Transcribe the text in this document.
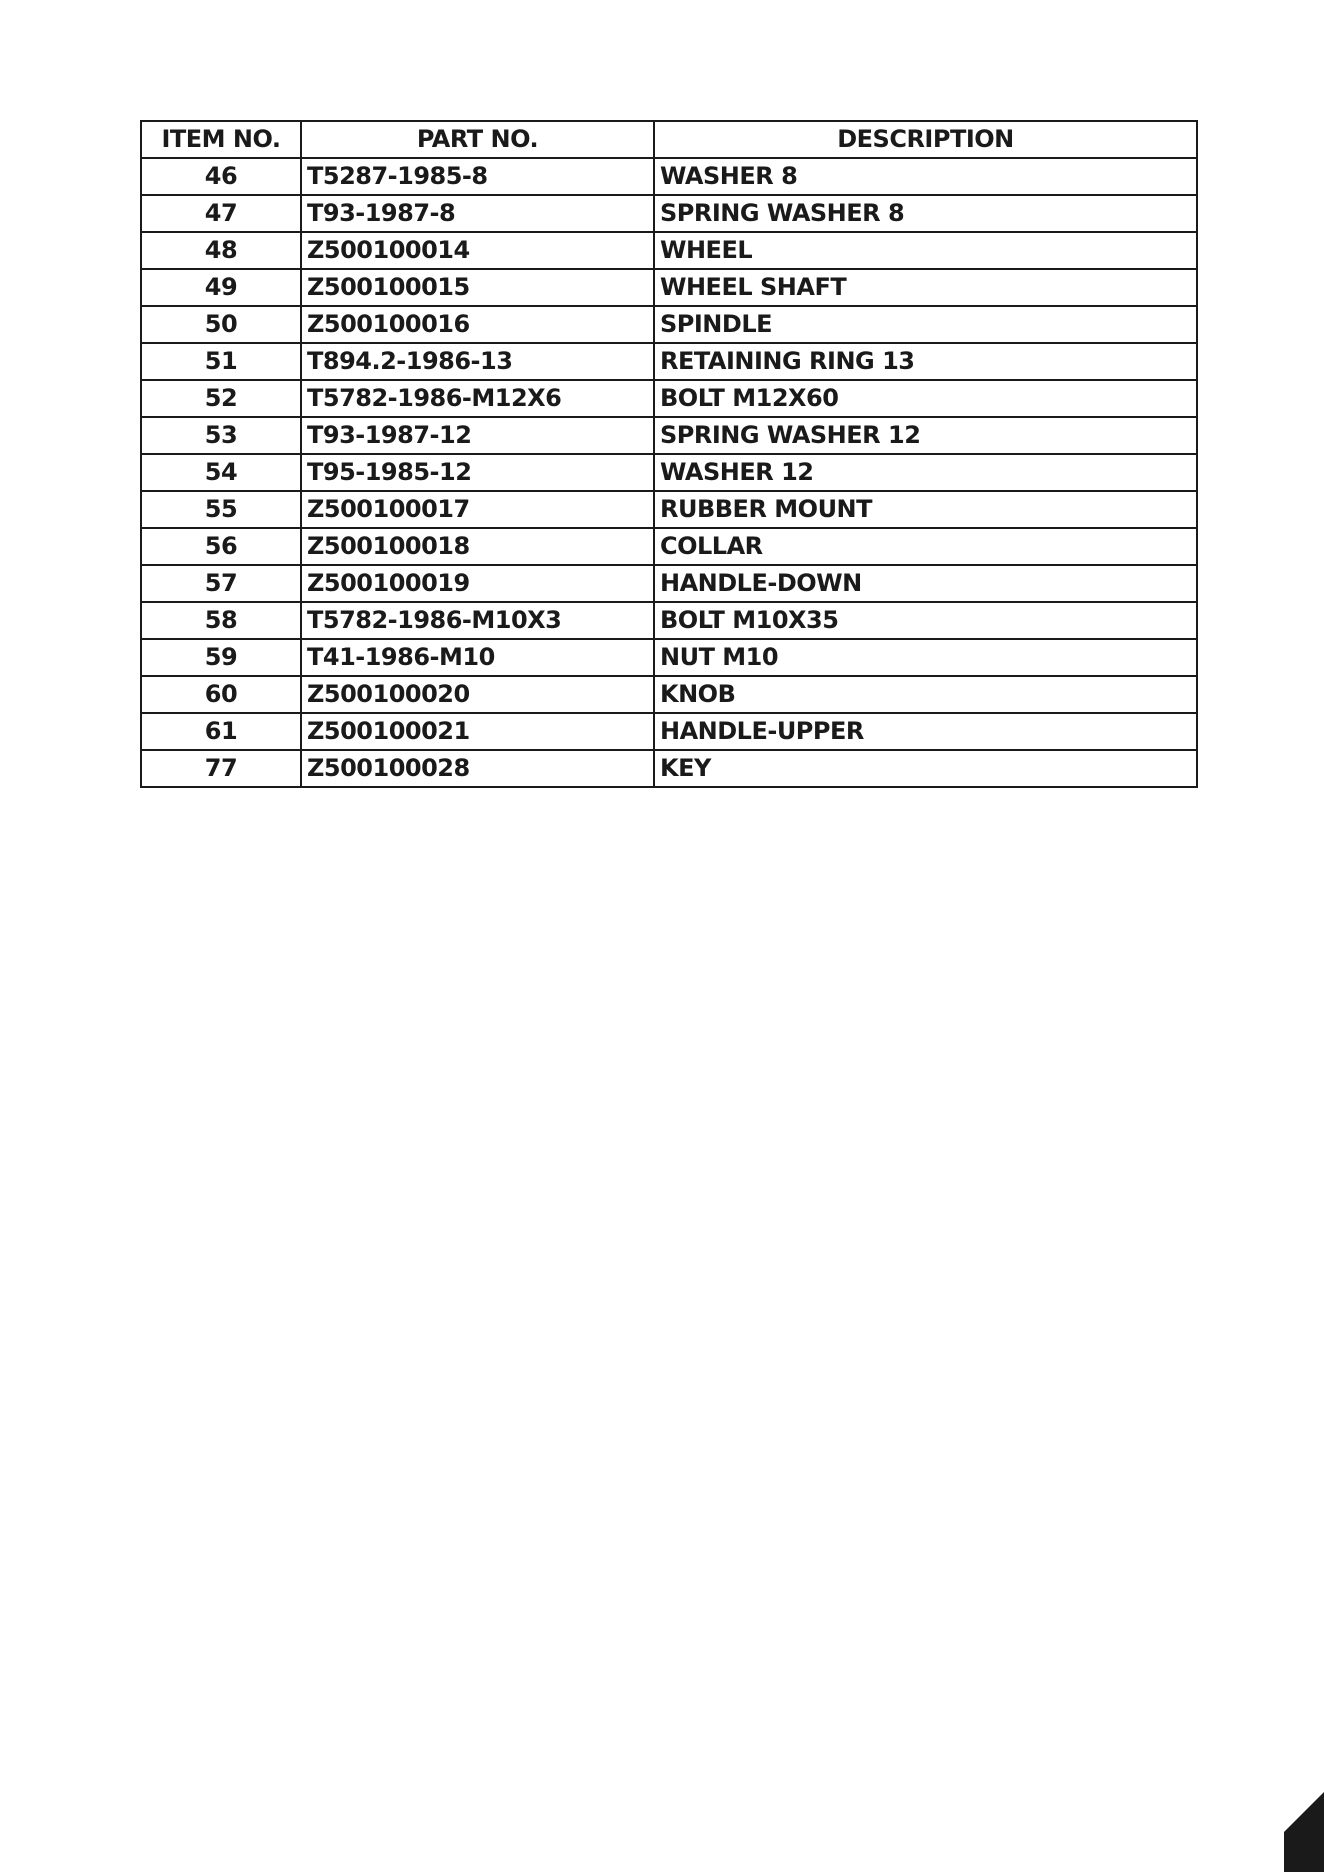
ITEM NO.	PART NO.	DESCRIPTION
46	T5287-1985-8	WASHER 8
47	T93-1987-8	SPRING WASHER 8
48	Z500100014	WHEEL
49	Z500100015	WHEEL SHAFT
50	Z500100016	SPINDLE
51	T894.2-1986-13	RETAINING RING 13
52	T5782-1986-M12X6	BOLT M12X60
53	T93-1987-12	SPRING WASHER 12
54	T95-1985-12	WASHER 12
55	Z500100017	RUBBER MOUNT
56	Z500100018	COLLAR
57	Z500100019	HANDLE-DOWN
58	T5782-1986-M10X3	BOLT M10X35
59	T41-1986-M10	NUT M10
60	Z500100020	KNOB
61	Z500100021	HANDLE-UPPER
77	Z500100028	KEY
